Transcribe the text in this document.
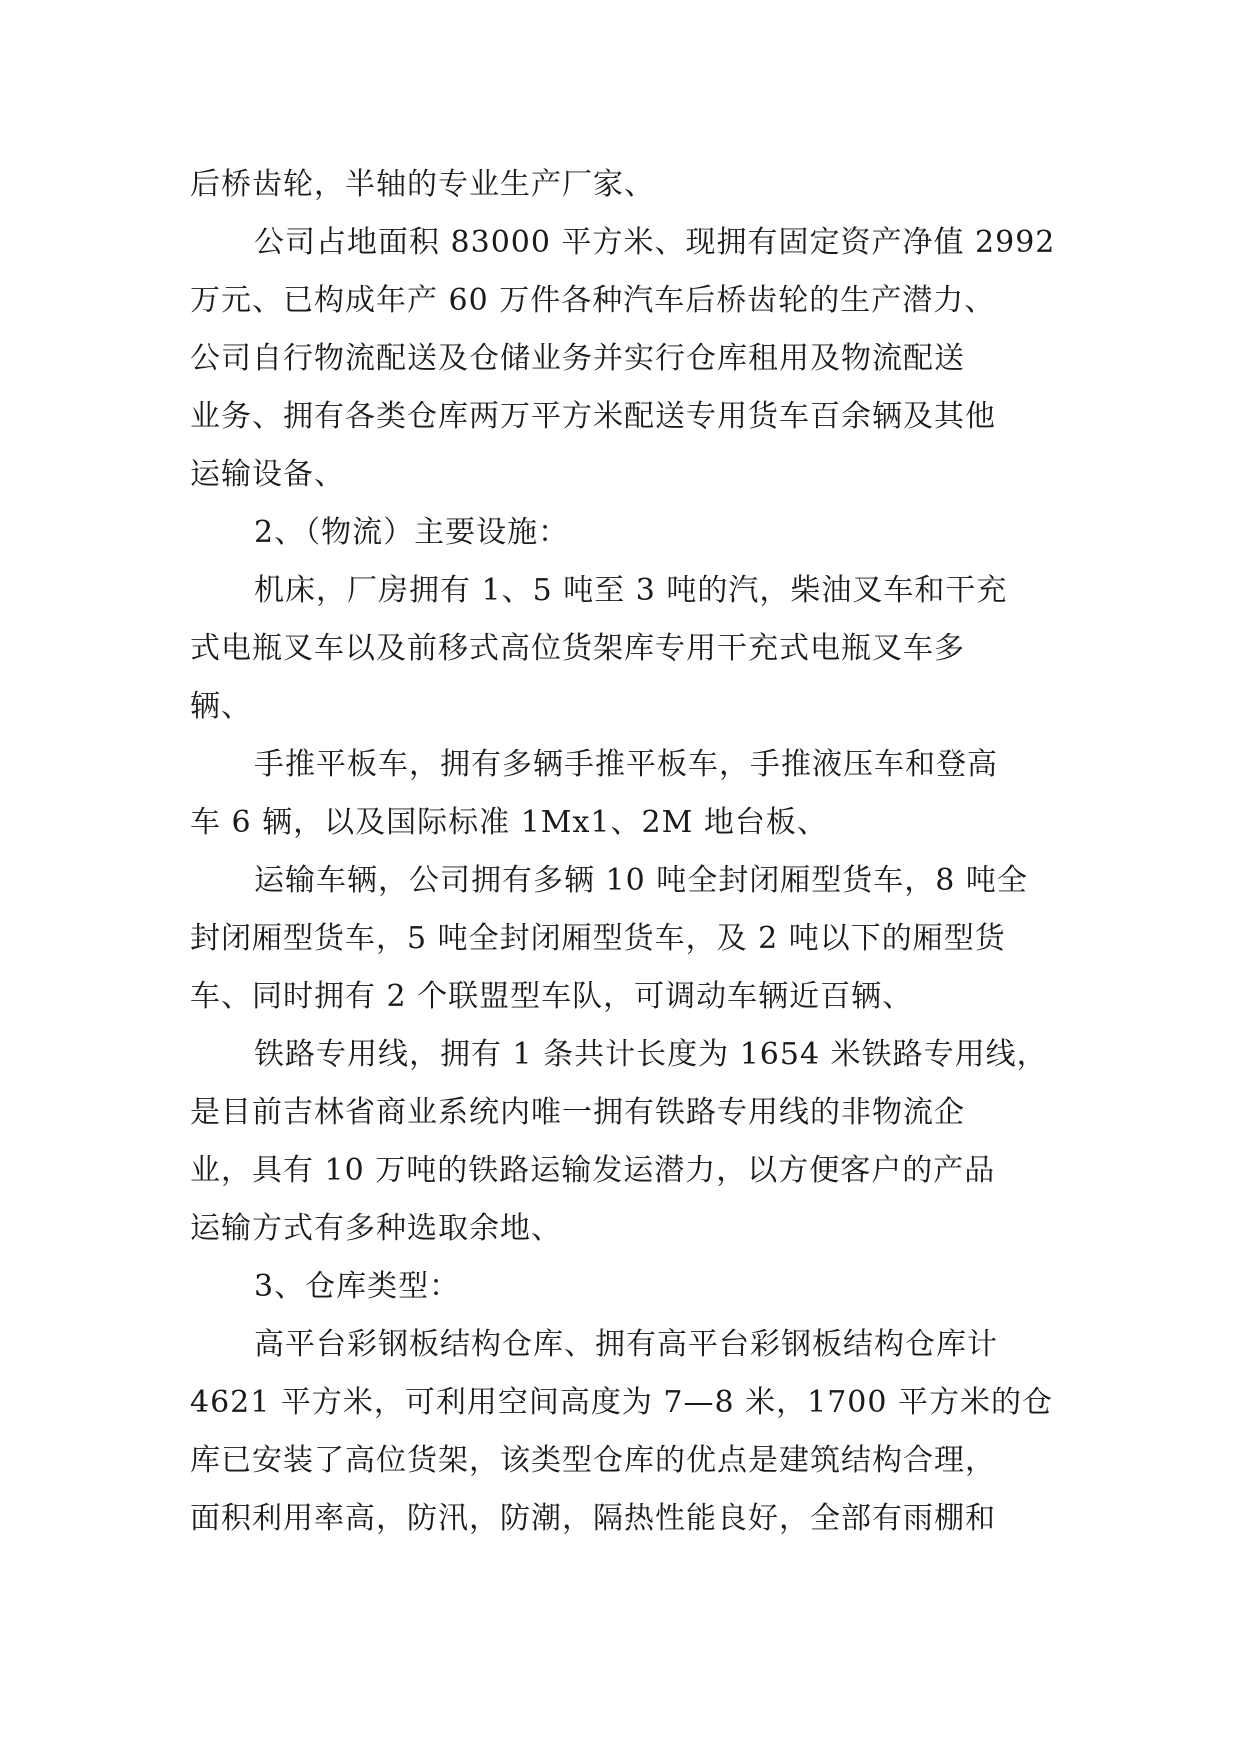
后桥齿轮，半轴的专业生产厂家、
公司占地面积 83000 平方米、现拥有固定资产净值 2992
万元、已构成年产 60 万件各种汽车后桥齿轮的生产潜力、
公司自行物流配送及仓储业务并实行仓库租用及物流配送
业务、拥有各类仓库两万平方米配送专用货车百余辆及其他
运输设备、
2、（物流）主要设施：
机床，厂房拥有 1、5 吨至 3 吨的汽，柴油叉车和干充
式电瓶叉车以及前移式高位货架库专用干充式电瓶叉车多
辆、
手推平板车，拥有多辆手推平板车，手推液压车和登高
车 6 辆，以及国际标准 1Mx1、2M 地台板、
运输车辆，公司拥有多辆 10 吨全封闭厢型货车，8 吨全
封闭厢型货车，5 吨全封闭厢型货车，及 2 吨以下的厢型货
车、同时拥有 2 个联盟型车队，可调动车辆近百辆、
铁路专用线，拥有 1 条共计长度为 1654 米铁路专用线，
是目前吉林省商业系统内唯一拥有铁路专用线的非物流企
业，具有 10 万吨的铁路运输发运潜力，以方便客户的产品
运输方式有多种选取余地、
3、仓库类型：
高平台彩钢板结构仓库、拥有高平台彩钢板结构仓库计
4621 平方米，可利用空间高度为 7—8 米，1700 平方米的仓
库已安装了高位货架，该类型仓库的优点是建筑结构合理，
面积利用率高，防汛，防潮，隔热性能良好，全部有雨棚和
